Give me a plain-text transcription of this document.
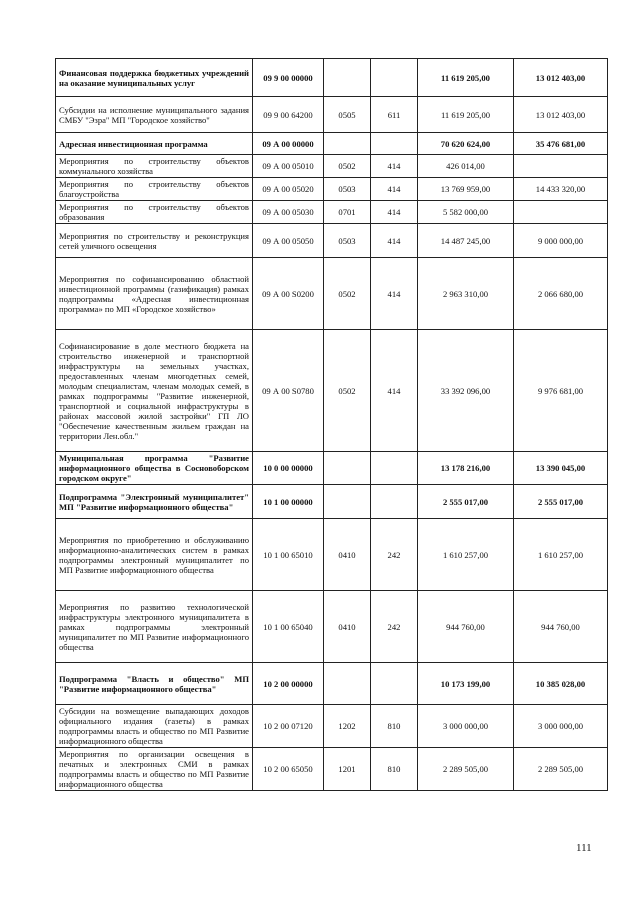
Финансовая поддержка бюджетных учреждений на оказание муниципальных услуг	09 9 00 00000			11 619 205,00	13 012 403,00
Субсидии на исполнение муниципального задания СМБУ "Эзра" МП "Городское хозяйство"	09 9 00 64200	0505	611	11 619 205,00	13 012 403,00
Адресная инвестиционная программа	09 А 00 00000			70 620 624,00	35 476 681,00
Мероприятия по строительству объектов коммунального хозяйства	09 А 00 05010	0502	414	426 014,00	
Мероприятия по строительству объектов благоустройства	09 А 00 05020	0503	414	13 769 959,00	14 433 320,00
Мероприятия по строительству объектов образования	09 А 00 05030	0701	414	5 582 000,00	
Мероприятия по строительству и реконструкция сетей уличного освещения	09 А 00 05050	0503	414	14 487 245,00	9 000 000,00
Мероприятия по софинансированию областной инвестиционной программы (газификация) рамках подпрограммы «Адресная инвестиционная программа» по МП «Городское хозяйство»	09 А 00 S0200	0502	414	2 963 310,00	2 066 680,00
Софинансирование в доле местного бюджета на строительство инженерной и транспортной инфраструктуры на земельных участках, предоставленных членам многодетных семей, молодым специалистам, членам молодых семей, в рамках подпрограммы "Развитие инженерной, транспортной и социальной инфраструктуры в районах массовой жилой застройки" ГП ЛО "Обеспечение качественным жильем граждан на территории Лен.обл."	09 А 00 S0780	0502	414	33 392 096,00	9 976 681,00
Муниципальная программа "Развитие информационного общества в Сосновоборском городском округе"	10 0 00 00000			13 178 216,00	13 390 045,00
Подпрограмма "Электронный муниципалитет" МП "Развитие информационного общества"	10 1 00 00000			2 555 017,00	2 555 017,00
Мероприятия по приобретению и обслуживанию информационно-аналитических систем в рамках подпрограммы электронный муниципалитет по МП Развитие информационного общества	10 1 00 65010	0410	242	1 610 257,00	1 610 257,00
Мероприятия по развитию технологической инфраструктуры электронного муниципалитета в рамках подпрограммы электронный муниципалитет по МП Развитие информационного общества	10 1 00 65040	0410	242	944 760,00	944 760,00
Подпрограмма "Власть и общество" МП "Развитие информационного общества"	10 2 00 00000			10 173 199,00	10 385 028,00
Субсидии на возмещение выпадающих доходов официального издания (газеты) в рамках подпрограммы власть и общество по МП Развитие информационного общества	10 2 00 07120	1202	810	3 000 000,00	3 000 000,00
Мероприятия по организации освещения в печатных и электронных СМИ в рамках подпрограммы власть и общество по МП Развитие информационного общества	10 2 00 65050	1201	810	2 289 505,00	2 289 505,00
111
